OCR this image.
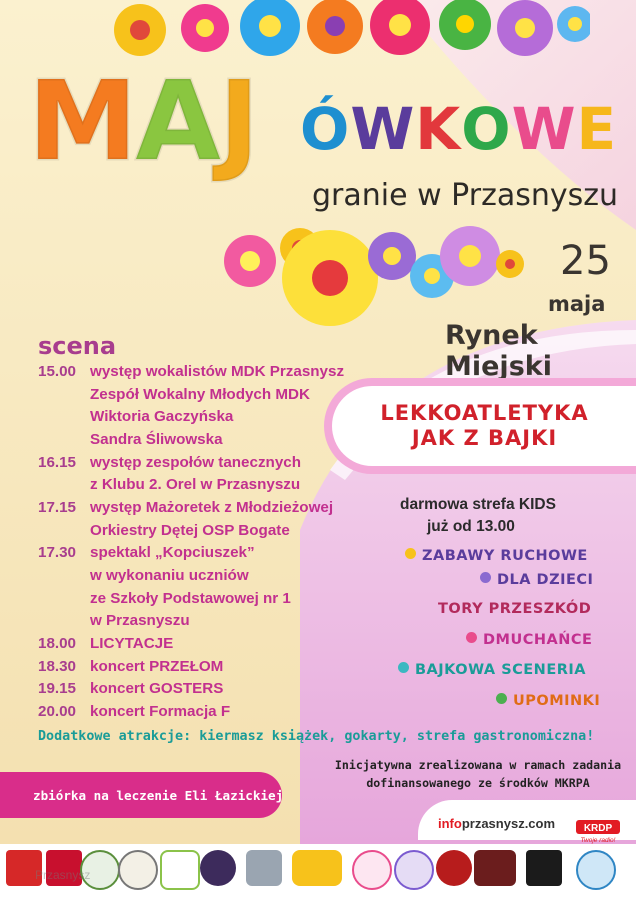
MAJ ÓWKOWE
granie w Przasnyszu
25
maja
Rynek Miejski
scena
15.00 występ wokalistów MDK Przasnysz
Zespół Wokalny Młodych MDK
Wiktoria Gaczyńska
Sandra Śliwowska
16.15 występ zespołów tanecznych
z Klubu 2. Orel w Przasnyszu
17.15 występ Mażoretek z Młodzieżowej
Orkiestry Dętej OSP Bogate
17.30 spektakl „Kopciuszek”
w wykonaniu uczniów
ze Szkoły Podstawowej nr 1
w Przasnyszu
18.00 LICYTACJE
18.30 koncert PRZEŁOM
19.15 koncert GOSTERS
20.00 koncert Formacja F
LEKKOATLETYKA
JAK Z BAJKI
darmowa strefa KIDS
już od 13.00
ZABAWY RUCHOWE
DLA DZIECI
TORY PRZESZKÓD
DMUCHAŃCE
BAJKOWA SCENERIA
UPOMINKI
Dodatkowe atrakcje: kiermasz książek, gokarty, strefa gastronomiczna!
Inicjatywna zrealizowana w ramach zadania
dofinansowanego ze środków MKRPA
zbiórka na leczenie Eli Łazickiej
infoprzasnysz.com	KRDP
Twoje radio!
Przasnysz
